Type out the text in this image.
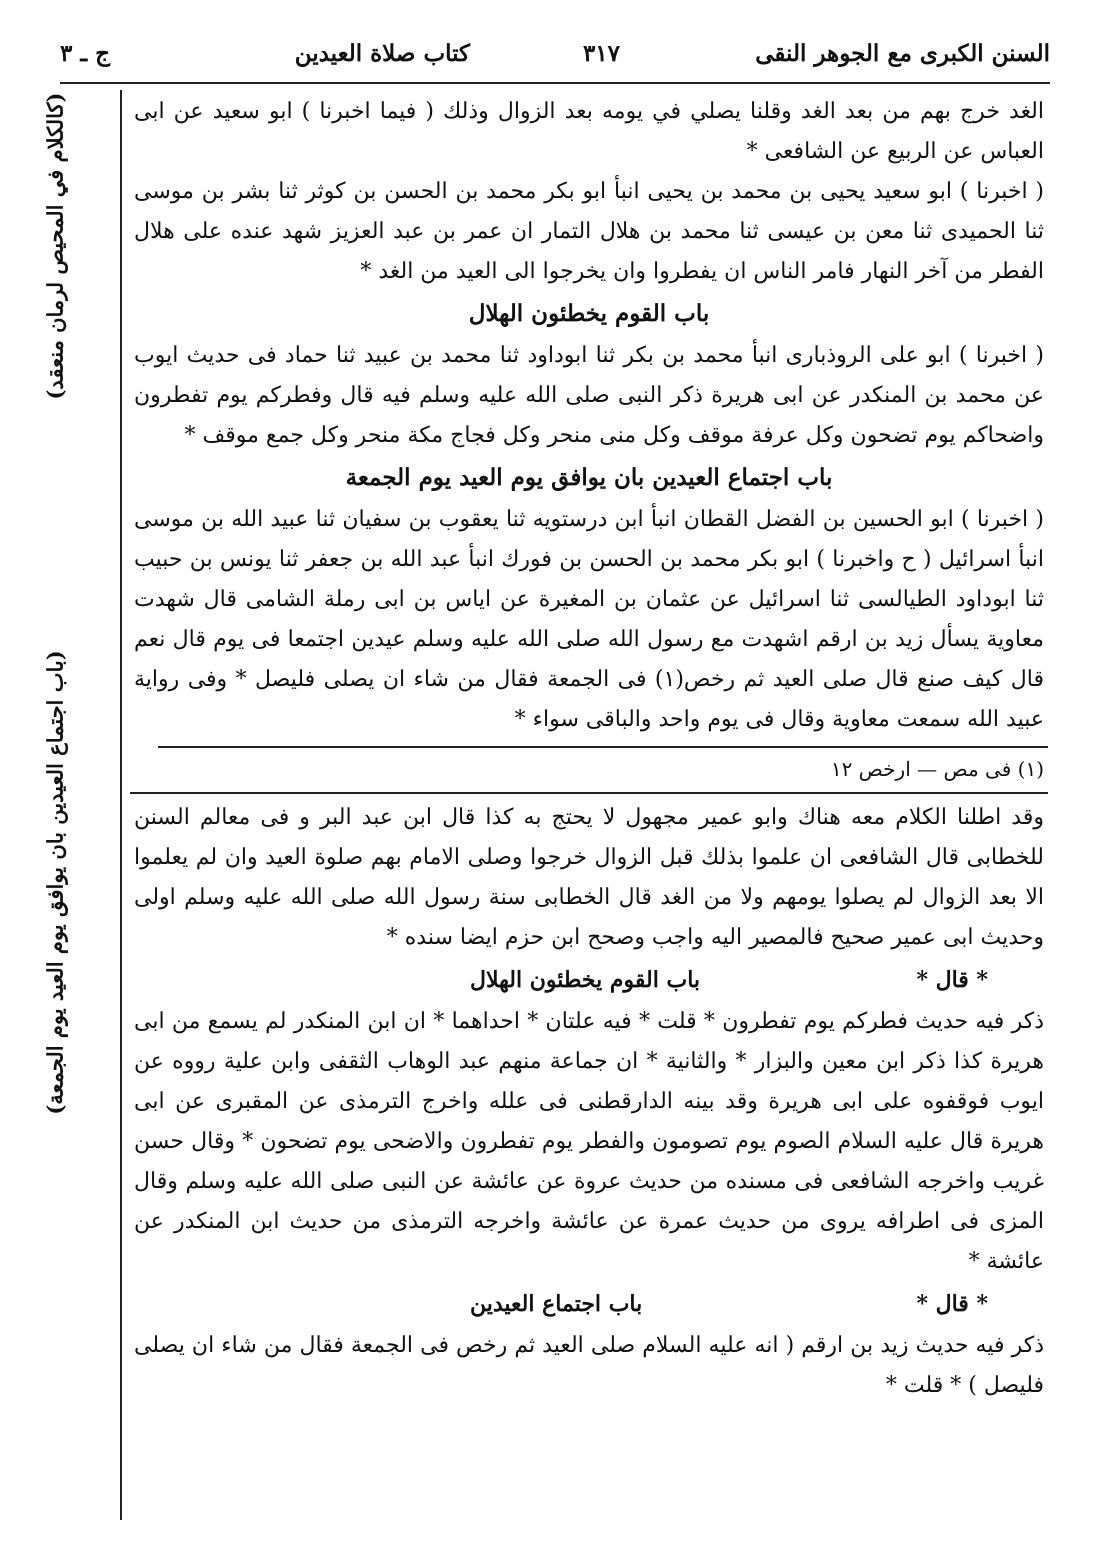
السنن الكبرى مع الجوهر النقى
٣١٧
كتاب صلاة العيدين
ج ـ ٣
(كالكلام في المحيص لرمان منعقد)
(باب اجتماع العيدين بان يوافق يوم العيد يوم الجمعة)

الغد خرج بهم من بعد الغد وقلنا يصلي في يومه بعد الزوال وذلك ( فيما اخبرنا ) ابو سعيد عن ابى العباس عن الربيع عن الشافعى *

( اخبرنا ) ابو سعيد يحيى بن محمد بن يحيى انبأ ابو بكر محمد بن الحسن بن كوثر ثنا بشر بن موسى ثنا الحميدى ثنا معن بن عيسى ثنا محمد بن هلال التمار ان عمر بن عبد العزيز شهد عنده على هلال الفطر من آخر النهار فامر الناس ان يفطروا وان يخرجوا الى العيد من الغد *

باب القوم يخطئون الهلال

( اخبرنا ) ابو على الروذبارى انبأ محمد بن بكر ثنا ابوداود ثنا محمد بن عبيد ثنا حماد فى حديث ايوب عن محمد بن المنكدر عن ابى هريرة ذكر النبى صلى الله عليه وسلم فيه قال وفطركم يوم تفطرون واضحاكم يوم تضحون وكل عرفة موقف وكل منى منحر وكل فجاج مكة منحر وكل جمع موقف *

باب اجتماع العيدين بان يوافق يوم العيد يوم الجمعة

( اخبرنا ) ابو الحسين بن الفضل القطان انبأ ابن درستويه ثنا يعقوب بن سفيان ثنا عبيد الله بن موسى انبأ اسرائيل ( ح واخبرنا ) ابو بكر محمد بن الحسن بن فورك انبأ عبد الله بن جعفر ثنا يونس بن حبيب ثنا ابوداود الطيالسى ثنا اسرائيل عن عثمان بن المغيرة عن اياس بن ابى رملة الشامى قال شهدت معاوية يسأل زيد بن ارقم اشهدت مع رسول الله صلى الله عليه وسلم عيدين اجتمعا فى يوم قال نعم قال كيف صنع قال صلى العيد ثم رخص(١) فى الجمعة فقال من شاء ان يصلى فليصل * وفى رواية عبيد الله سمعت معاوية وقال فى يوم واحد والباقى سواء *

(١) فى مص — ارخص ١٢

وقد اطلنا الكلام معه هناك وابو عمير مجهول لا يحتج به كذا قال ابن عبد البر و فى معالم السنن للخطابى قال الشافعى ان علموا بذلك قبل الزوال خرجوا وصلى الامام بهم صلوة العيد وان لم يعلموا الا بعد الزوال لم يصلوا يومهم ولا من الغد قال الخطابى سنة رسول الله صلى الله عليه وسلم اولى وحديث ابى عمير صحيح فالمصير اليه واجب وصحح ابن حزم ايضا سنده *

* قال *
باب القوم يخطئون الهلال

ذكر فيه حديث فطركم يوم تفطرون * قلت * فيه علتان * احداهما * ان ابن المنكدر لم يسمع من ابى هريرة كذا ذكر ابن معين والبزار * والثانية * ان جماعة منهم عبد الوهاب الثقفى وابن علية رووه عن ايوب فوقفوه على ابى هريرة وقد بينه الدارقطنى فى علله واخرج الترمذى عن المقبرى عن ابى هريرة قال عليه السلام الصوم يوم تصومون والفطر يوم تفطرون والاضحى يوم تضحون * وقال حسن غريب واخرجه الشافعى فى مسنده من حديث عروة عن عائشة عن النبى صلى الله عليه وسلم وقال المزى فى اطرافه يروى من حديث عمرة عن عائشة واخرجه الترمذى من حديث ابن المنكدر عن عائشة *

* قال *
باب اجتماع العيدين

ذكر فيه حديث زيد بن ارقم ( انه عليه السلام صلى العيد ثم رخص فى الجمعة فقال من شاء ان يصلى فليصل ) * قلت *
